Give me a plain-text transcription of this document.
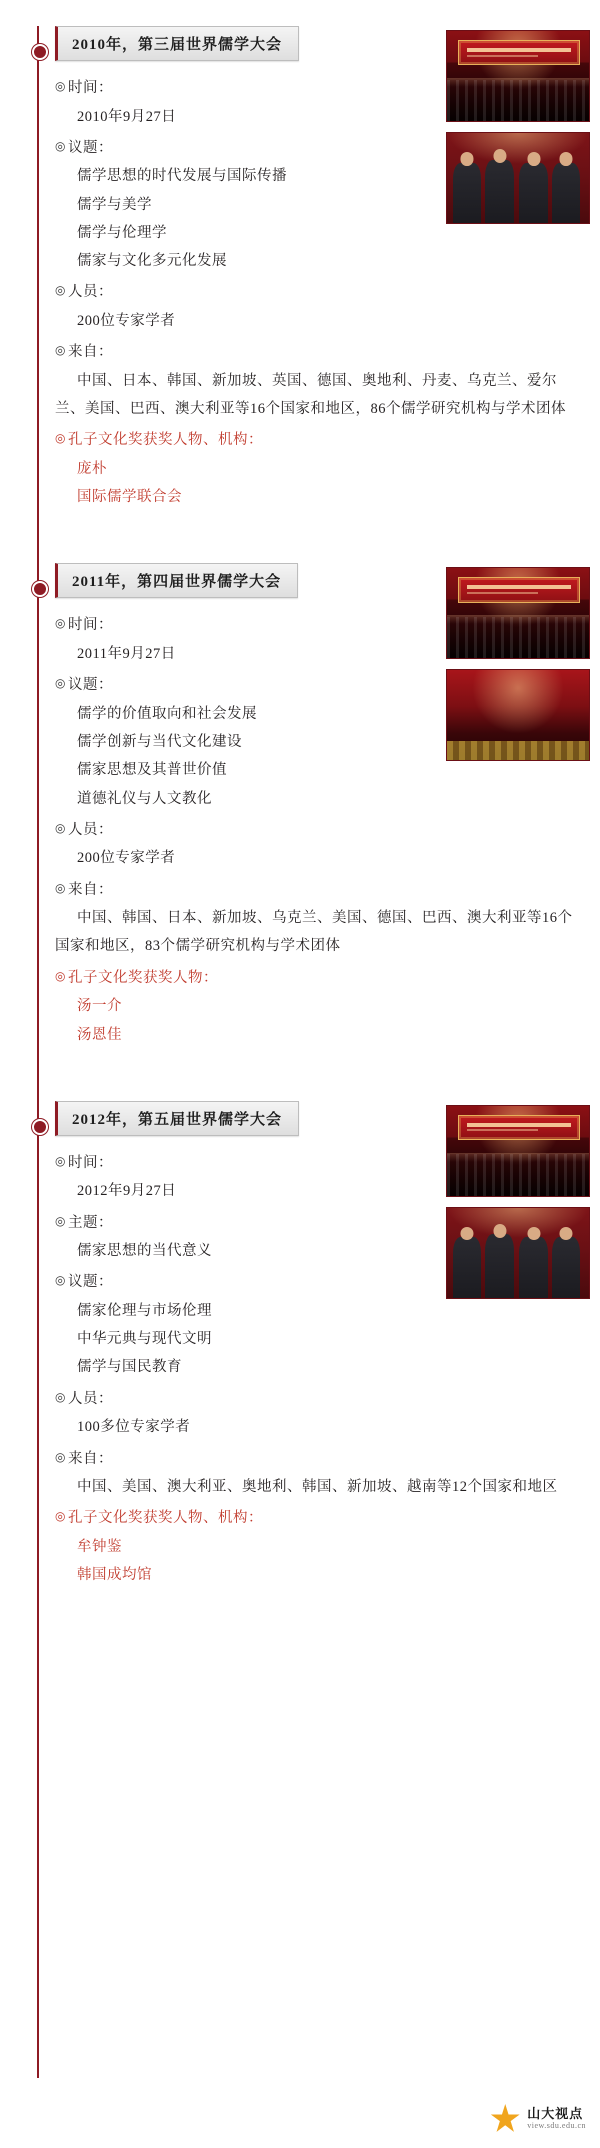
2010年，第三届世界儒学大会
◎ 时间：
2010年9月27日
◎ 议题：
儒学思想的时代发展与国际传播
儒学与美学
儒学与伦理学
儒家与文化多元化发展
◎ 人员：
200位专家学者
◎ 来自：
中国、日本、韩国、新加坡、英国、德国、奥地利、丹麦、乌克兰、爱尔兰、美国、巴西、澳大利亚等16个国家和地区，86个儒学研究机构与学术团体
◎ 孔子文化奖获奖人物、机构：
庞朴
国际儒学联合会
2011年，第四届世界儒学大会
◎ 时间：
2011年9月27日
◎ 议题：
儒学的价值取向和社会发展
儒学创新与当代文化建设
儒家思想及其普世价值
道德礼仪与人文教化
◎ 人员：
200位专家学者
◎ 来自：
中国、韩国、日本、新加坡、乌克兰、美国、德国、巴西、澳大利亚等16个国家和地区，83个儒学研究机构与学术团体
◎ 孔子文化奖获奖人物：
汤一介
汤恩佳
2012年，第五届世界儒学大会
◎ 时间：
2012年9月27日
◎ 主题：
儒家思想的当代意义
◎ 议题：
儒家伦理与市场伦理
中华元典与现代文明
儒学与国民教育
◎ 人员：
100多位专家学者
◎ 来自：
中国、美国、澳大利亚、奥地利、韩国、新加坡、越南等12个国家和地区
◎ 孔子文化奖获奖人物、机构：
牟钟鉴
韩国成均馆
山大视点
view.sdu.edu.cn
